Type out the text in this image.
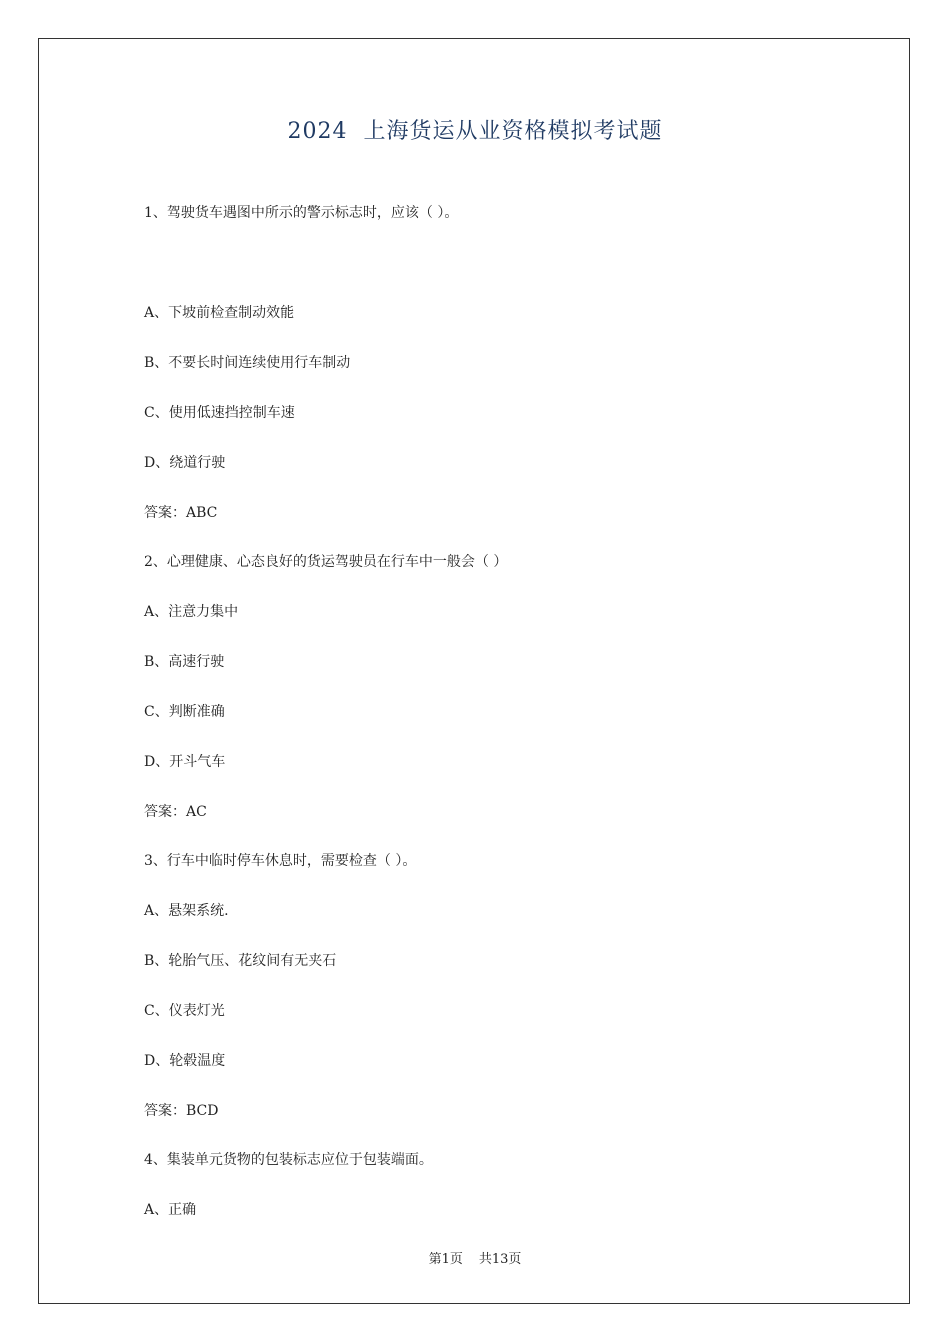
2024  上海货运从业资格模拟考试题
1、驾驶货车遇图中所示的警示标志时，应该（ ）。
A、下坡前检查制动效能
B、不要长时间连续使用行车制动
C、使用低速挡控制车速
D、绕道行驶
答案：ABC
2、心理健康、心态良好的货运驾驶员在行车中一般会（ ）
A、注意力集中
B、高速行驶
C、判断准确
D、开斗气车
答案：AC
3、行车中临时停车休息时，需要检查（ ）。
A、悬架系统.
B、轮胎气压、花纹间有无夹石
C、仪表灯光
D、轮毂温度
答案：BCD
4、集装单元货物的包装标志应位于包装端面。
A、正确
第1页 共13页
